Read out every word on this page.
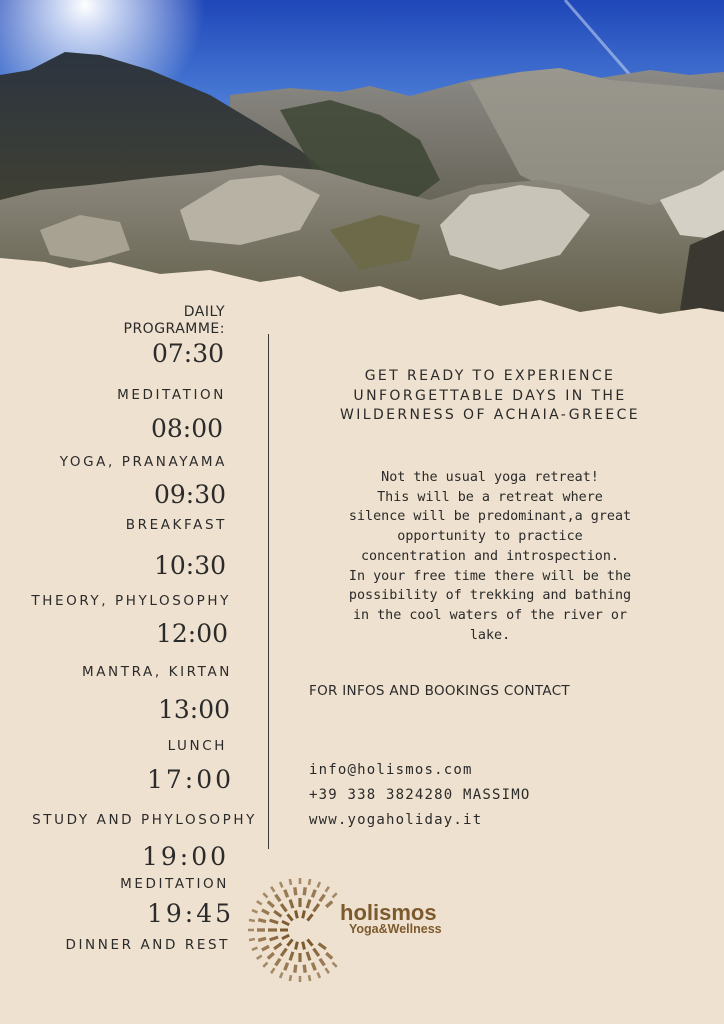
DAILY
PROGRAMME:
07:30
MEDITATION
08:00
YOGA, PRANAYAMA
09:30
BREAKFAST
10:30
THEORY, PHYLOSOPHY
12:00
MANTRA, KIRTAN
13:00
LUNCH
17:00
STUDY AND PHYLOSOPHY
19:00
MEDITATION
19:45
DINNER AND REST
GET READY TO EXPERIENCE
UNFORGETTABLE DAYS IN THE
WILDERNESS OF ACHAIA-GREECE
Not the usual yoga retreat!
This will be a retreat where
silence will be predominant,a great
opportunity to practice
concentration and introspection.
In your free time there will be the
possibility of trekking and bathing
in the cool waters of the river or
lake.
FOR INFOS AND BOOKINGS CONTACT
info@holismos.com
+39 338 3824280 MASSIMO
www.yogaholiday.it
holismos
Yoga&Wellness
